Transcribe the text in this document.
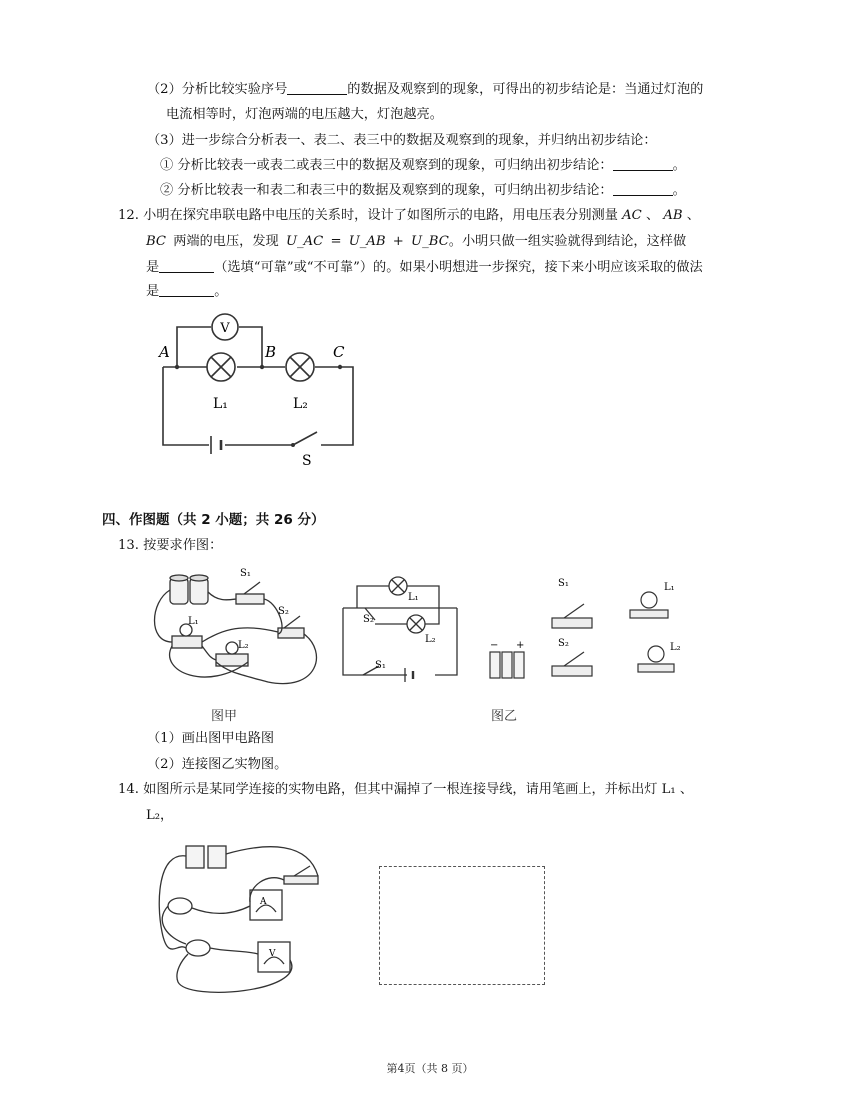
（2）分析比较实验序号	的数据及观察到的现象，可得出的初步结论是：当通过灯泡的
电流相等时，灯泡两端的电压越大，灯泡越亮。
（3）进一步综合分析表一、表二、表三中的数据及观察到的现象，并归纳出初步结论：
① 分析比较表一或表二或表三中的数据及观察到的现象，可归纳出初步结论：	。
② 分析比较表一和表二和表三中的数据及观察到的现象，可归纳出初步结论：	。
12. 小明在探究串联电路中电压的关系时，设计了如图所示的电路，用电压表分别测量 AC 、 AB 、
BC 两端的电压，发现 U_AC = U_AB + U_BC。小明只做一组实验就得到结论，这样做
是	（选填“可靠”或“不可靠”）的。如果小明想进一步探究，接下来小明应该采取的做法
是	。
V
A	B	C
L₁	L₂
S
四、作图题（共 2 小题；共 26 分）
13. 按要求作图：
S₁
L₁
L₂
S₂
L₁
S₂
L₂
S₁
− +
S₁
S₂
L₁
L₂
图甲	图乙
（1）画出图甲电路图
（2）连接图乙实物图。
14. 如图所示是某同学连接的实物电路，但其中漏掉了一根连接导线，请用笔画上，并标出灯 L₁ 、
L₂，
A
V
第4页（共 8 页）
